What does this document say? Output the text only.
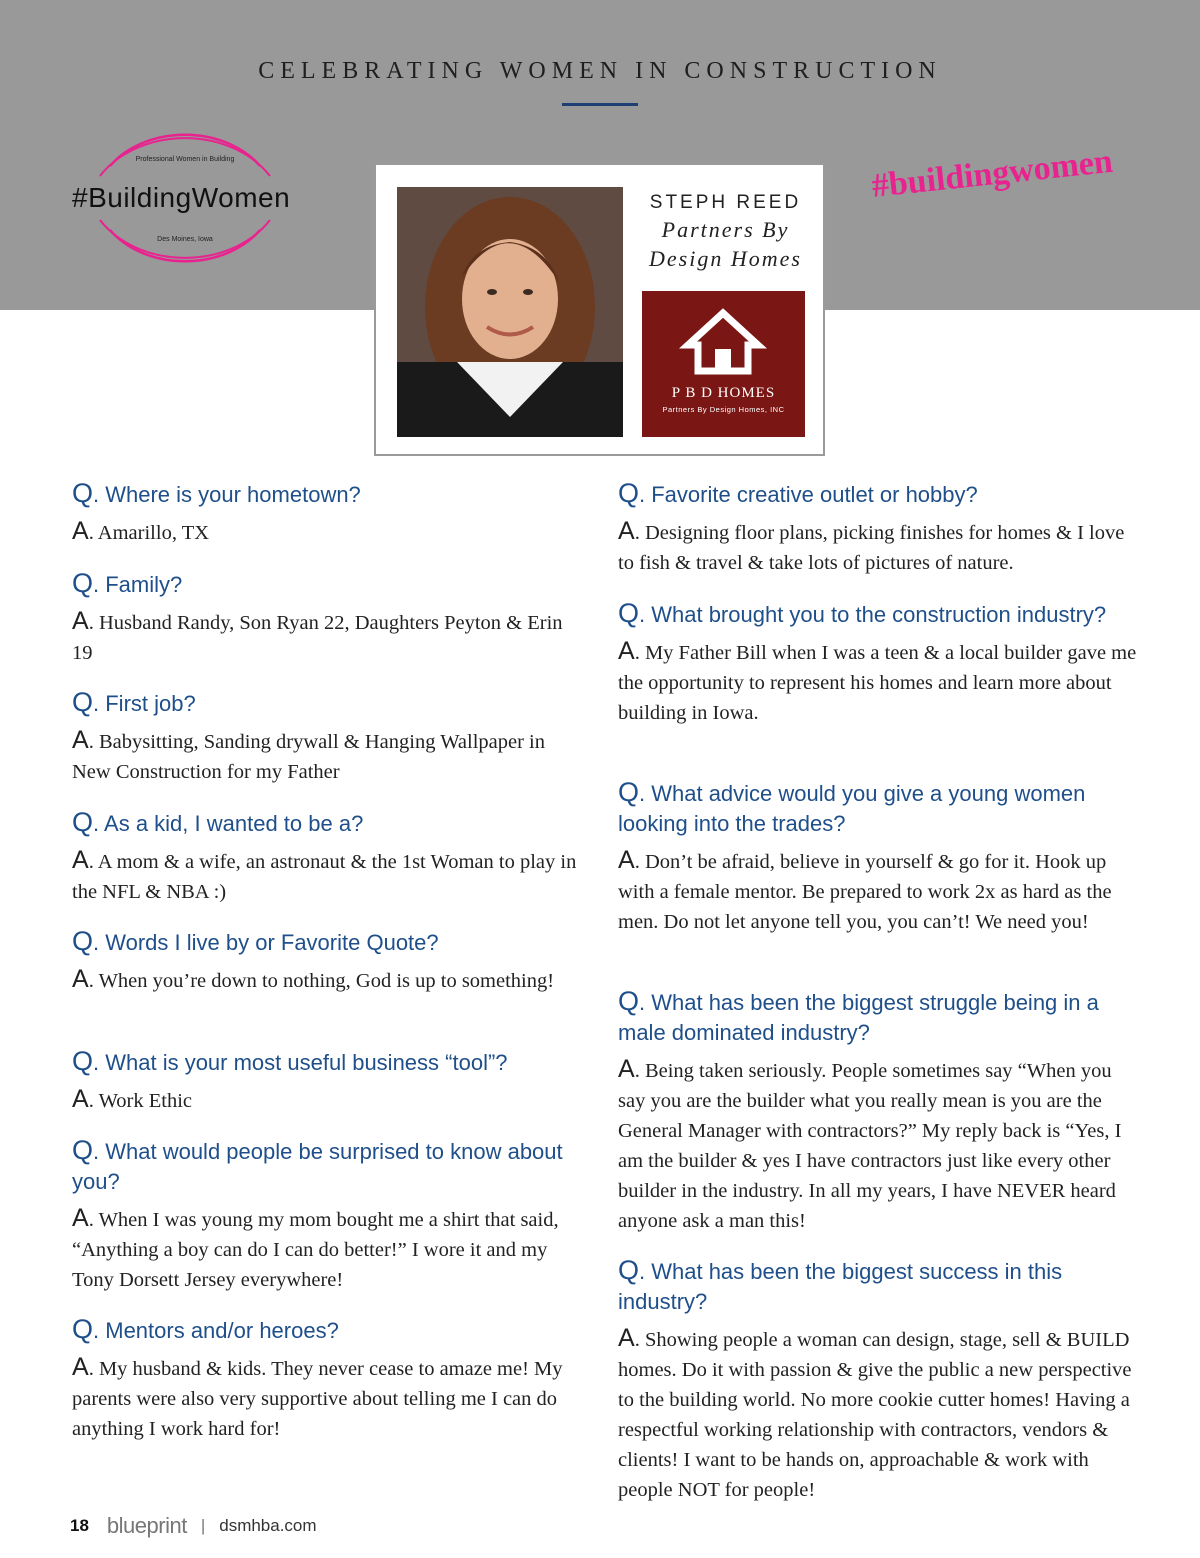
CELEBRATING WOMEN IN CONSTRUCTION
Professional Women in Building
#BuildingWomen
Des Moines, Iowa
#buildingwomen
STEPH REED
Partners By
Design Homes
P B D HOMES
Partners By Design Homes, INC
Q. Where is your hometown?
A. Amarillo, TX
Q. Family?
A. Husband Randy, Son Ryan 22, Daughters Peyton & Erin 19
Q. First job?
A. Babysitting, Sanding drywall & Hanging Wallpaper in New Construction for my Father
Q. As a kid, I wanted to be a?
A. A mom & a wife, an astronaut & the 1st Woman to play in the NFL & NBA :)
Q. Words I live by or Favorite Quote?
A. When you’re down to nothing, God is up to something!
Q. What is your most useful business “tool”?
A. Work Ethic
Q. What would people be surprised to know about you?
A. When I was young my mom bought me a shirt that said, “Anything a boy can do I can do better!” I wore it and my Tony Dorsett Jersey everywhere!
Q. Mentors and/or heroes?
A. My husband & kids. They never cease to amaze me! My parents were also very supportive about telling me I can do anything I work hard for!
Q. Favorite creative outlet or hobby?
A. Designing floor plans, picking finishes for homes & I love to fish & travel & take lots of pictures of nature.
Q. What brought you to the construction industry?
A. My Father Bill when I was a teen & a local builder gave me the opportunity to represent his homes and learn more about building in Iowa.
Q. What advice would you give a young women looking into the trades?
A. Don’t be afraid, believe in yourself & go for it. Hook up with a female mentor. Be prepared to work 2x as hard as the men. Do not let anyone tell you, you can’t! We need you!
Q. What has been the biggest struggle being in a male dominated industry?
A. Being taken seriously. People sometimes say “When you say you are the builder what you really mean is you are the General Manager with contractors?” My reply back is “Yes, I am the builder & yes I have contractors just like every other builder in the industry. In all my years, I have NEVER heard anyone ask a man this!
Q. What has been the biggest success in this industry?
A. Showing people a woman can design, stage, sell & BUILD homes. Do it with passion & give the public a new perspective to the building world. No more cookie cutter homes! Having a respectful working relationship with contractors, vendors & clients! I want to be hands on, approachable & work with people NOT for people!
18 blueprint | dsmhba.com
